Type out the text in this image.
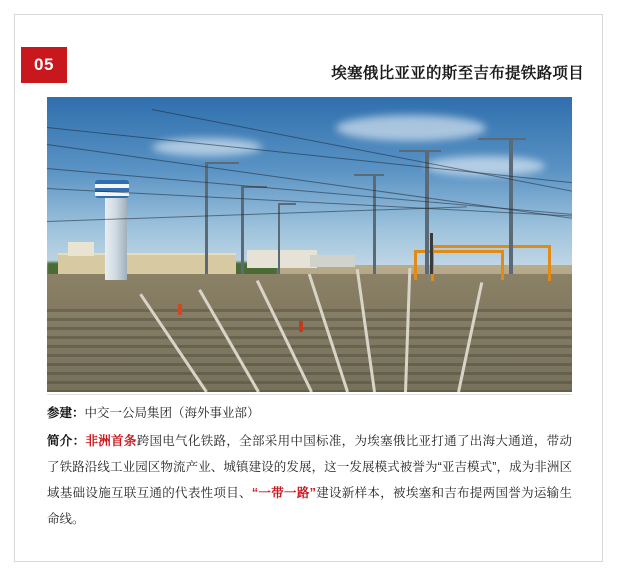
05	埃塞俄比亚亚的斯至吉布提铁路项目
参建：中交一公局集团（海外事业部）
简介：非洲首条跨国电气化铁路，全部采用中国标准，为埃塞俄比亚打通了出海大通道，带动了铁路沿线工业园区物流产业、城镇建设的发展，这一发展模式被誉为“亚吉模式”，成为非洲区域基础设施互联互通的代表性项目、“一带一路”建设新样本，被埃塞和吉布提两国誉为运输生命线。
